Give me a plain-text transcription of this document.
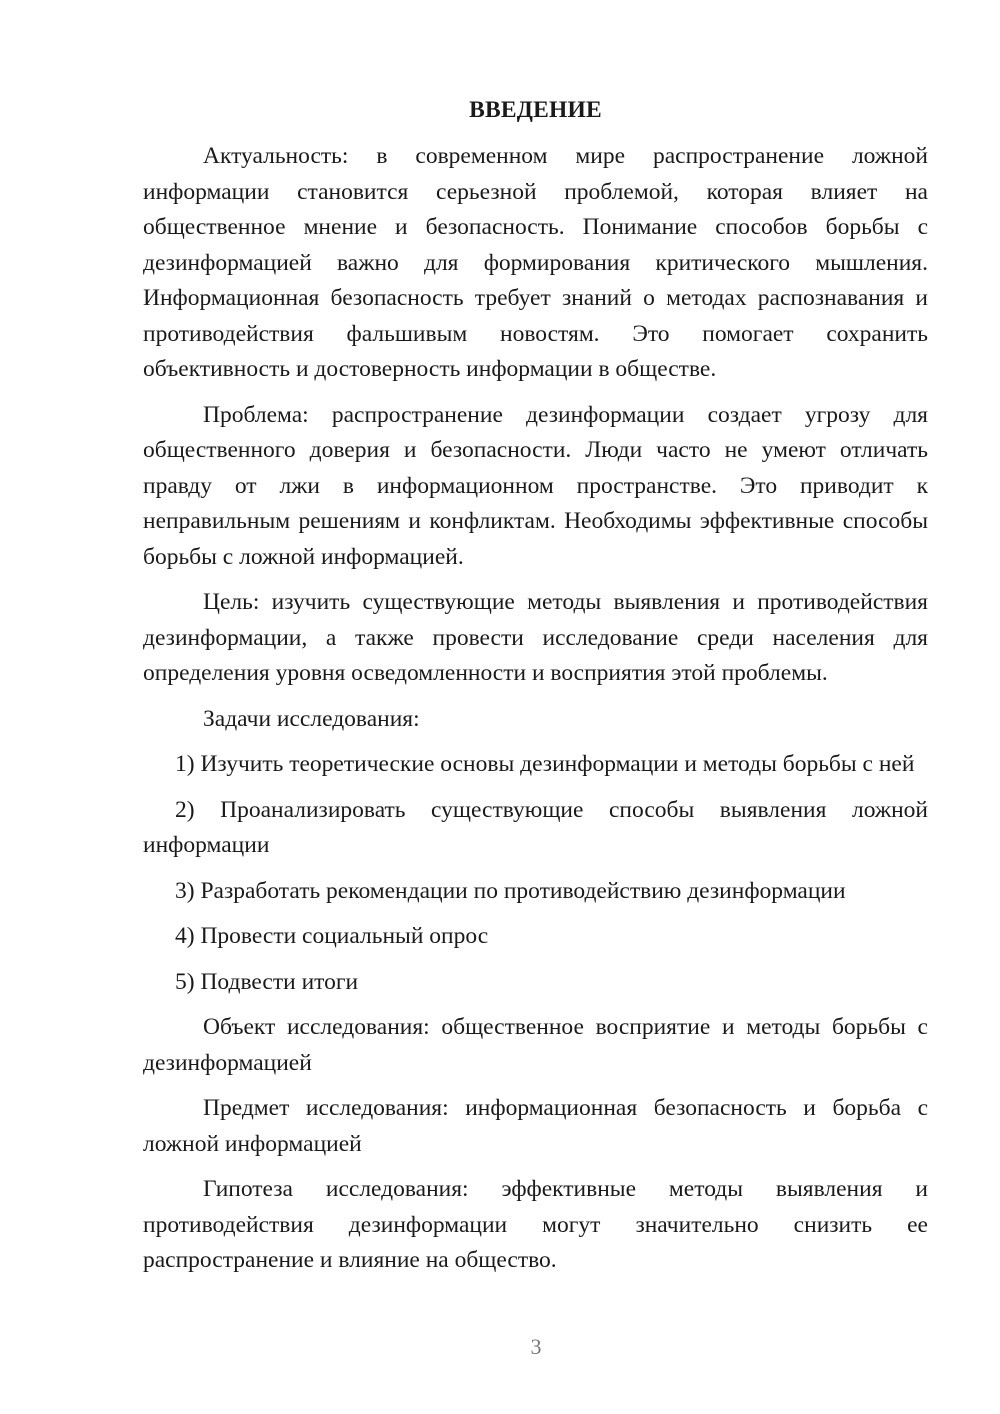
ВВЕДЕНИЕ

Актуальность: в современном мире распространение ложной информации становится серьезной проблемой, которая влияет на общественное мнение и безопасность. Понимание способов борьбы с дезинформацией важно для формирования критического мышления. Информационная безопасность требует знаний о методах распознавания и противодействия фальшивым новостям. Это помогает сохранить объективность и достоверность информации в обществе.

Проблема: распространение дезинформации создает угрозу для общественного доверия и безопасности. Люди часто не умеют отличать правду от лжи в информационном пространстве. Это приводит к неправильным решениям и конфликтам. Необходимы эффективные способы борьбы с ложной информацией.

Цель: изучить существующие методы выявления и противодействия дезинформации, а также провести исследование среди населения для определения уровня осведомленности и восприятия этой проблемы.

Задачи исследования:

1) Изучить теоретические основы дезинформации и методы борьбы с ней

2) Проанализировать существующие способы выявления ложной информации

3) Разработать рекомендации по противодействию дезинформации

4) Провести социальный опрос

5) Подвести итоги

Объект исследования: общественное восприятие и методы борьбы с дезинформацией

Предмет исследования: информационная безопасность и борьба с ложной информацией

Гипотеза исследования: эффективные методы выявления и противодействия дезинформации могут значительно снизить ее распространение и влияние на общество.

3
